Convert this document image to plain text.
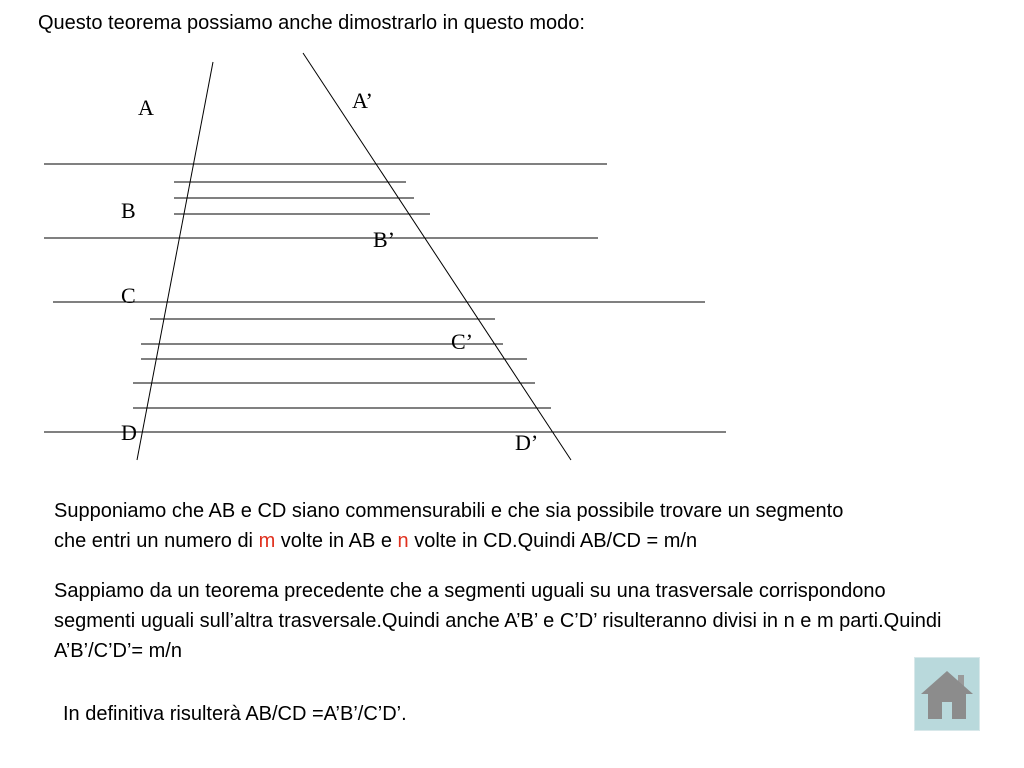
Questo teorema possiamo anche dimostrarlo in questo modo:
A	A’
B
B’
C
C’
D	D’
Supponiamo che AB e CD siano commensurabili e che sia possibile trovare un segmento che entri un numero di m volte in AB e n volte in CD.Quindi AB/CD = m/n
Sappiamo da un teorema precedente che a segmenti uguali su una trasversale corrispondono segmenti uguali sull’altra trasversale.Quindi anche A’B’ e C’D’ risulteranno divisi in n e m parti.Quindi A’B’/C’D’= m/n
In definitiva risulterà AB/CD =A’B’/C’D’.
